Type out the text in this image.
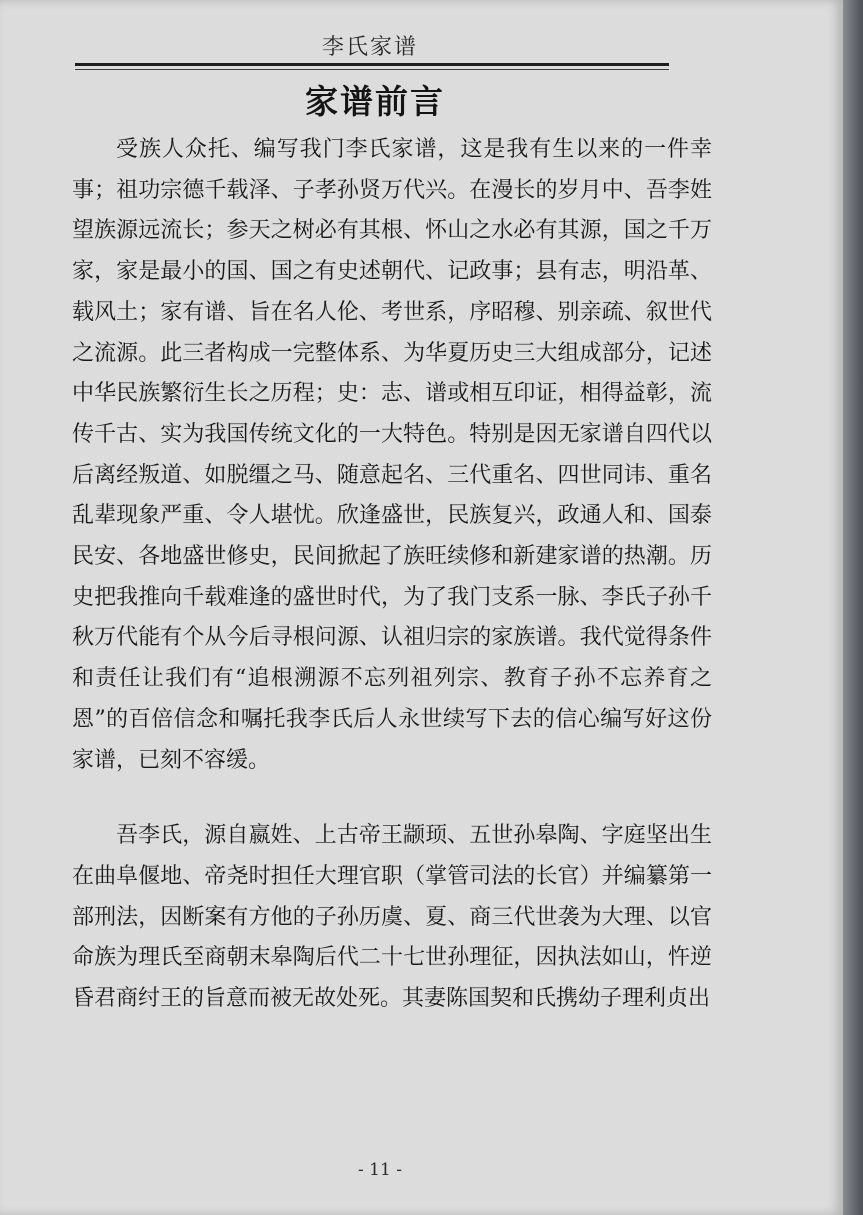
李氏家谱
家谱前言

受族人众托、编写我门李氏家谱，这是我有生以来的一件幸事；祖功宗德千载泽、子孝孙贤万代兴。在漫长的岁月中、吾李姓望族源远流长；参天之树必有其根、怀山之水必有其源，国之千万家，家是最小的国、国之有史述朝代、记政事；县有志，明沿革、载风土；家有谱、旨在名人伦、考世系，序昭穆、别亲疏、叙世代之流源。此三者构成一完整体系、为华夏历史三大组成部分，记述中华民族繁衍生长之历程；史：志、谱或相互印证，相得益彰，流传千古、实为我国传统文化的一大特色。特别是因无家谱自四代以后离经叛道、如脱缰之马、随意起名、三代重名、四世同讳、重名乱辈现象严重、令人堪忧。欣逢盛世，民族复兴，政通人和、国泰民安、各地盛世修史，民间掀起了族旺续修和新建家谱的热潮。历史把我推向千载难逢的盛世时代，为了我门支系一脉、李氏子孙千秋万代能有个从今后寻根问源、认祖归宗的家族谱。我代觉得条件和责任让我们有“追根溯源不忘列祖列宗、教育子孙不忘养育之恩”的百倍信念和嘱托我李氏后人永世续写下去的信心编写好这份家谱，已刻不容缓。

吾李氏，源自嬴姓、上古帝王颛顼、五世孙皋陶、字庭坚出生在曲阜偃地、帝尧时担任大理官职（掌管司法的长官）并编纂第一部刑法，因断案有方他的子孙历虞、夏、商三代世袭为大理、以官命族为理氏至商朝末皋陶后代二十七世孙理征，因执法如山，忤逆昏君商纣王的旨意而被无故处死。其妻陈国契和氏携幼子理利贞出

- 11 -
